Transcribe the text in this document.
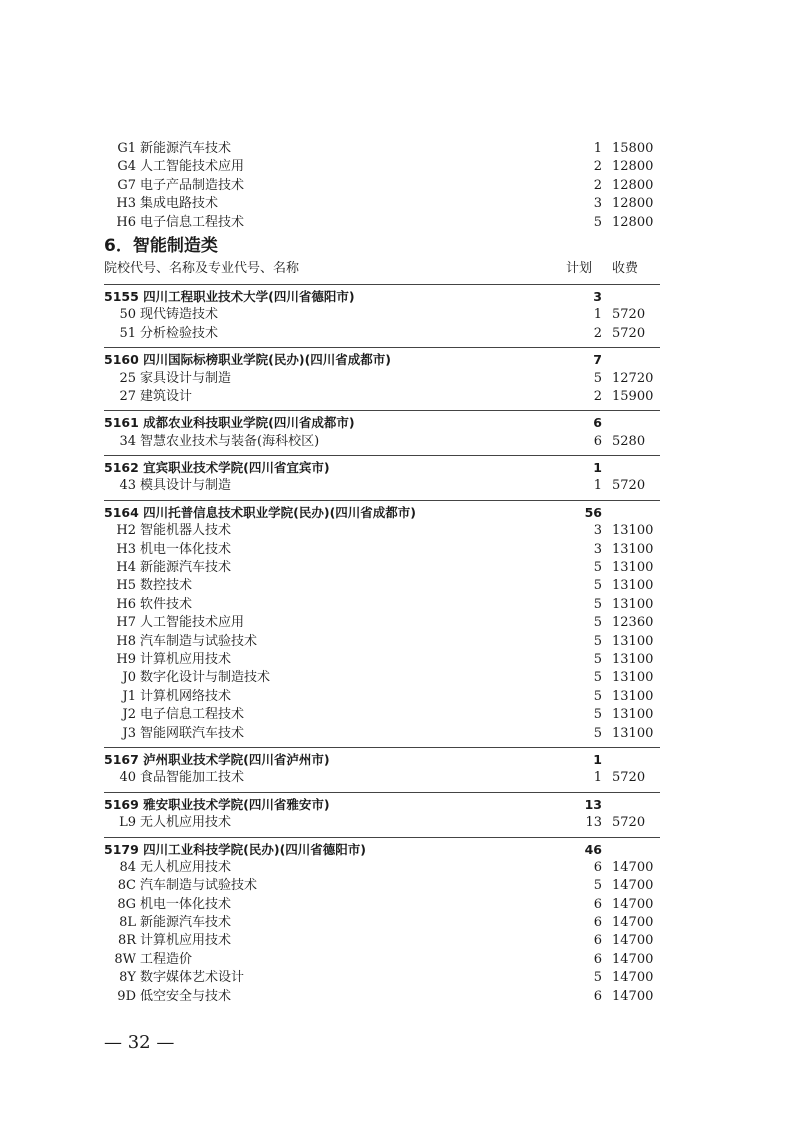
G1 新能源汽车技术	1 15800
G4 人工智能技术应用	2 12800
G7 电子产品制造技术	2 12800
H3 集成电路技术	3 12800
H6 电子信息工程技术	5 12800
6．智能制造类
院校代号、名称及专业代号、名称	计划 收费
5155 四川工程职业技术大学(四川省德阳市)	3
50 现代铸造技术	1 5720
51 分析检验技术	2 5720
5160 四川国际标榜职业学院(民办)(四川省成都市)	7
25 家具设计与制造	5 12720
27 建筑设计	2 15900
5161 成都农业科技职业学院(四川省成都市)	6
34 智慧农业技术与装备(海科校区)	6 5280
5162 宜宾职业技术学院(四川省宜宾市)	1
43 模具设计与制造	1 5720
5164 四川托普信息技术职业学院(民办)(四川省成都市)	56
H2 智能机器人技术	3 13100
H3 机电一体化技术	3 13100
H4 新能源汽车技术	5 13100
H5 数控技术	5 13100
H6 软件技术	5 13100
H7 人工智能技术应用	5 12360
H8 汽车制造与试验技术	5 13100
H9 计算机应用技术	5 13100
J0 数字化设计与制造技术	5 13100
J1 计算机网络技术	5 13100
J2 电子信息工程技术	5 13100
J3 智能网联汽车技术	5 13100
5167 泸州职业技术学院(四川省泸州市)	1
40 食品智能加工技术	1 5720
5169 雅安职业技术学院(四川省雅安市)	13
L9 无人机应用技术	13 5720
5179 四川工业科技学院(民办)(四川省德阳市)	46
84 无人机应用技术	6 14700
8C 汽车制造与试验技术	5 14700
8G 机电一体化技术	6 14700
8L 新能源汽车技术	6 14700
8R 计算机应用技术	6 14700
8W 工程造价	6 14700
8Y 数字媒体艺术设计	5 14700
9D 低空安全与技术	6 14700
— 32 —
